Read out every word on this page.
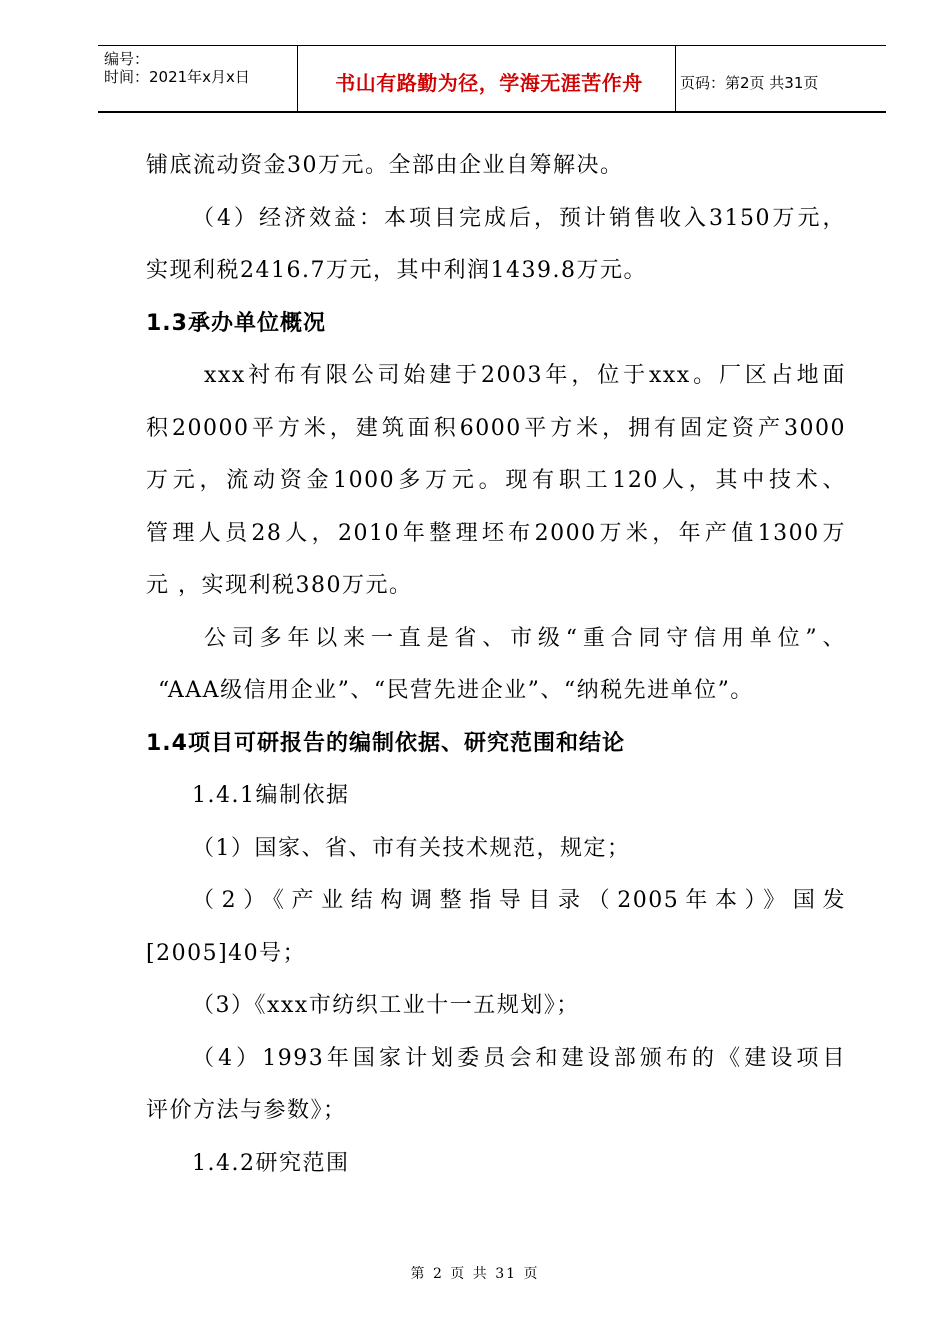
编号：
时间：2021年x月x日	书山有路勤为径，学海无涯苦作舟	页码：第2页 共31页

铺底流动资金30万元。全部由企业自筹解决。

（4）经济效益：本项目完成后，预计销售收入3150万元，

实现利税2416.7万元，其中利润1439.8万元。

1.3承办单位概况

xxx衬布有限公司始建于2003年，位于xxx。厂区占地面

积20000平方米，建筑面积6000平方米，拥有固定资产3000

万元，流动资金1000多万元。现有职工120人，其中技术、

管理人员28人，2010年整理坯布2000万米，年产值1300万

元 ，实现利税380万元。

公司多年以来一直是省、市级“重合同守信用单位”、

“AAA级信用企业”、“民营先进企业”、“纳税先进单位”。

1.4项目可研报告的编制依据、研究范围和结论

1.4.1编制依据

（1）国家、省、市有关技术规范，规定；

（2）《产业结构调整指导目录（2005年本）》国发

[2005]40号；

（3）《xxx市纺织工业十一五规划》；

（4）1993年国家计划委员会和建设部颁布的《建设项目

评价方法与参数》；

1.4.2研究范围

第 2 页 共 31 页
